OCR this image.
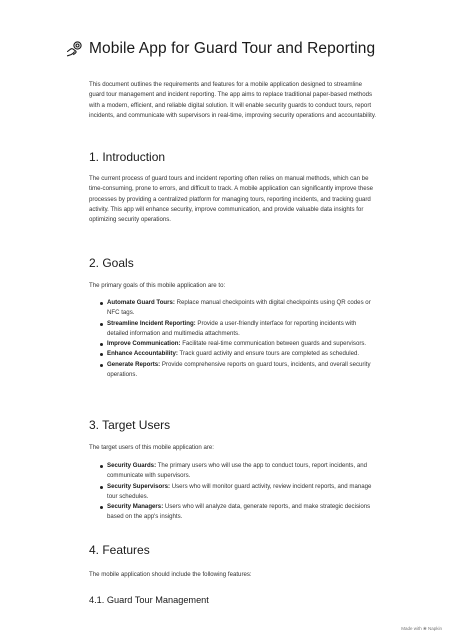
Mobile App for Guard Tour and Reporting

This document outlines the requirements and features for a mobile application designed to streamline guard tour management and incident reporting. The app aims to replace traditional paper-based methods with a modern, efficient, and reliable digital solution. It will enable security guards to conduct tours, report incidents, and communicate with supervisors in real-time, improving security operations and accountability.

1. Introduction

The current process of guard tours and incident reporting often relies on manual methods, which can be time-consuming, prone to errors, and difficult to track. A mobile application can significantly improve these processes by providing a centralized platform for managing tours, reporting incidents, and tracking guard activity. This app will enhance security, improve communication, and provide valuable data insights for optimizing security operations.

2. Goals

The primary goals of this mobile application are to:

Automate Guard Tours: Replace manual checkpoints with digital checkpoints using QR codes or NFC tags.
Streamline Incident Reporting: Provide a user-friendly interface for reporting incidents with detailed information and multimedia attachments.
Improve Communication: Facilitate real-time communication between guards and supervisors.
Enhance Accountability: Track guard activity and ensure tours are completed as scheduled.
Generate Reports: Provide comprehensive reports on guard tours, incidents, and overall security operations.
3. Target Users

The target users of this mobile application are:

Security Guards: The primary users who will use the app to conduct tours, report incidents, and communicate with supervisors.
Security Supervisors: Users who will monitor guard activity, review incident reports, and manage tour schedules.
Security Managers: Users who will analyze data, generate reports, and make strategic decisions based on the app's insights.
4. Features

The mobile application should include the following features:

4.1. Guard Tour Management
Made with ❀ Napkin
